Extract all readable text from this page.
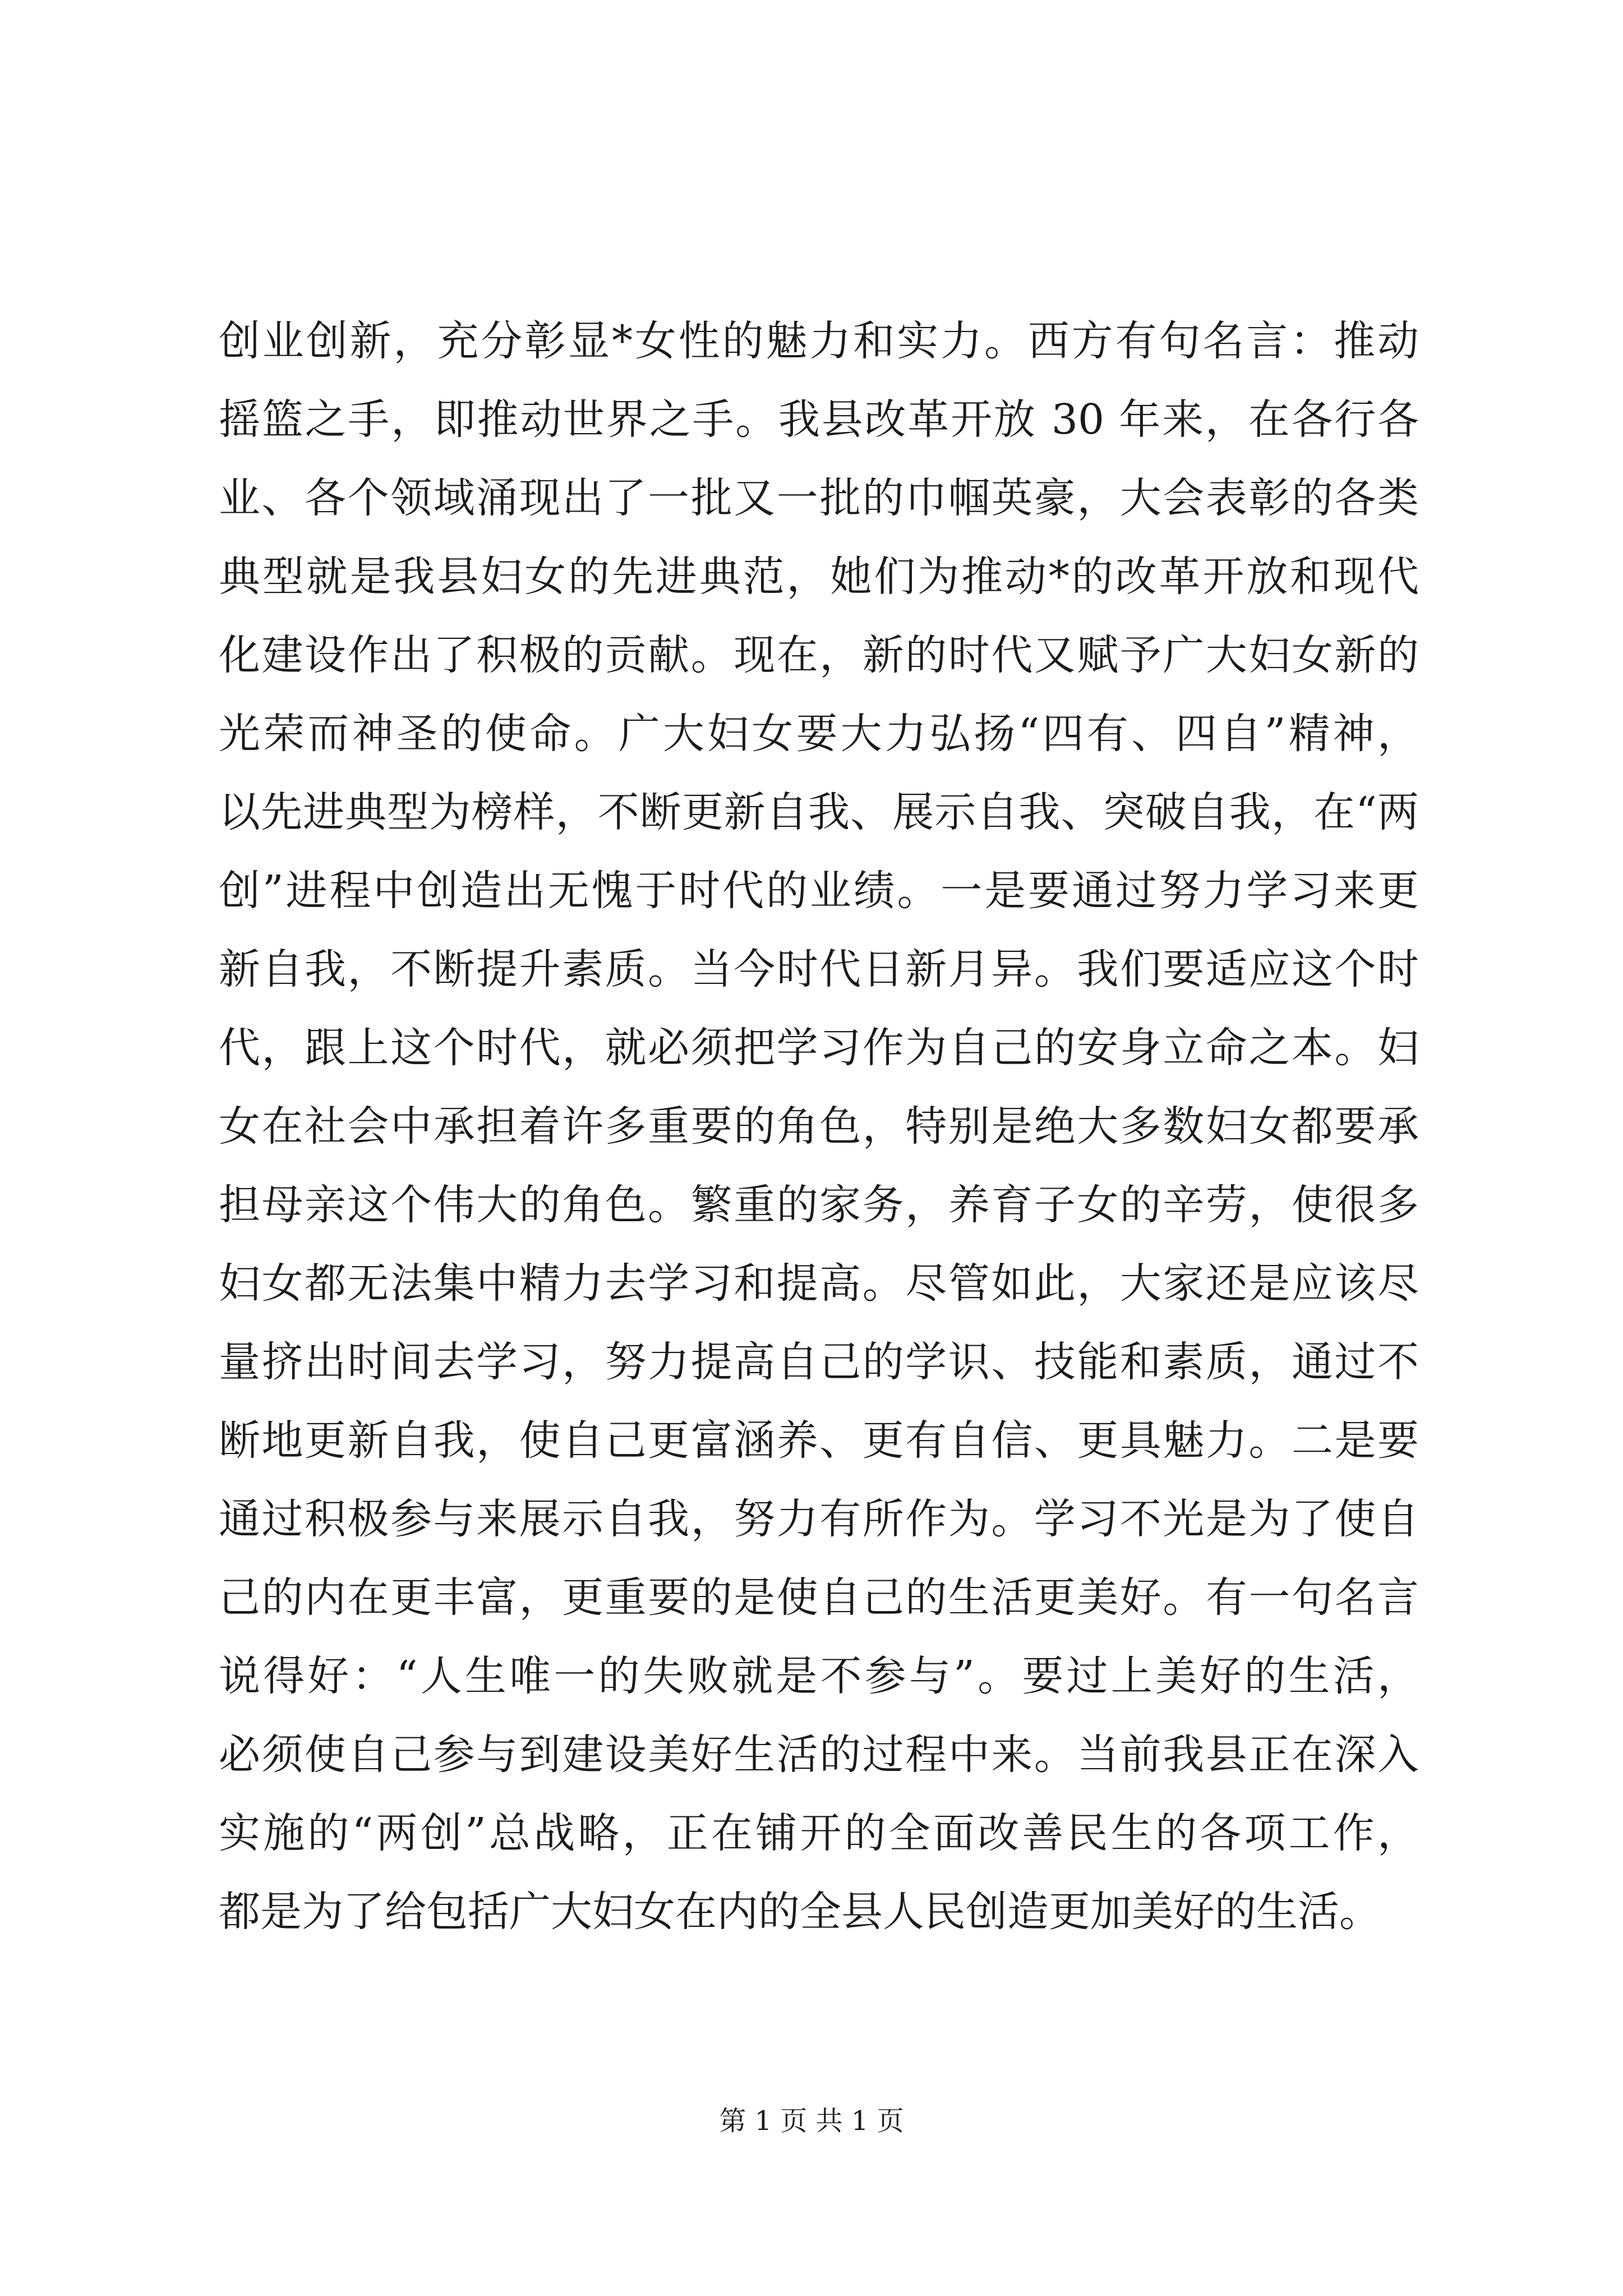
创业创新，充分彰显*女性的魅力和实力。西方有句名言：推动
摇篮之手，即推动世界之手。我县改革开放 30 年来，在各行各
业、各个领域涌现出了一批又一批的巾帼英豪，大会表彰的各类
典型就是我县妇女的先进典范，她们为推动*的改革开放和现代
化建设作出了积极的贡献。现在，新的时代又赋予广大妇女新的
光荣而神圣的使命。广大妇女要大力弘扬“四有、四自”精神，
以先进典型为榜样，不断更新自我、展示自我、突破自我，在“两
创”进程中创造出无愧于时代的业绩。一是要通过努力学习来更
新自我，不断提升素质。当今时代日新月异。我们要适应这个时
代，跟上这个时代，就必须把学习作为自己的安身立命之本。妇
女在社会中承担着许多重要的角色，特别是绝大多数妇女都要承
担母亲这个伟大的角色。繁重的家务，养育子女的辛劳，使很多
妇女都无法集中精力去学习和提高。尽管如此，大家还是应该尽
量挤出时间去学习，努力提高自己的学识、技能和素质，通过不
断地更新自我，使自己更富涵养、更有自信、更具魅力。二是要
通过积极参与来展示自我，努力有所作为。学习不光是为了使自
己的内在更丰富，更重要的是使自己的生活更美好。有一句名言
说得好：“人生唯一的失败就是不参与”。要过上美好的生活，
必须使自己参与到建设美好生活的过程中来。当前我县正在深入
实施的“两创”总战略，正在铺开的全面改善民生的各项工作，
都是为了给包括广大妇女在内的全县人民创造更加美好的生活。
第 1 页 共 1 页
